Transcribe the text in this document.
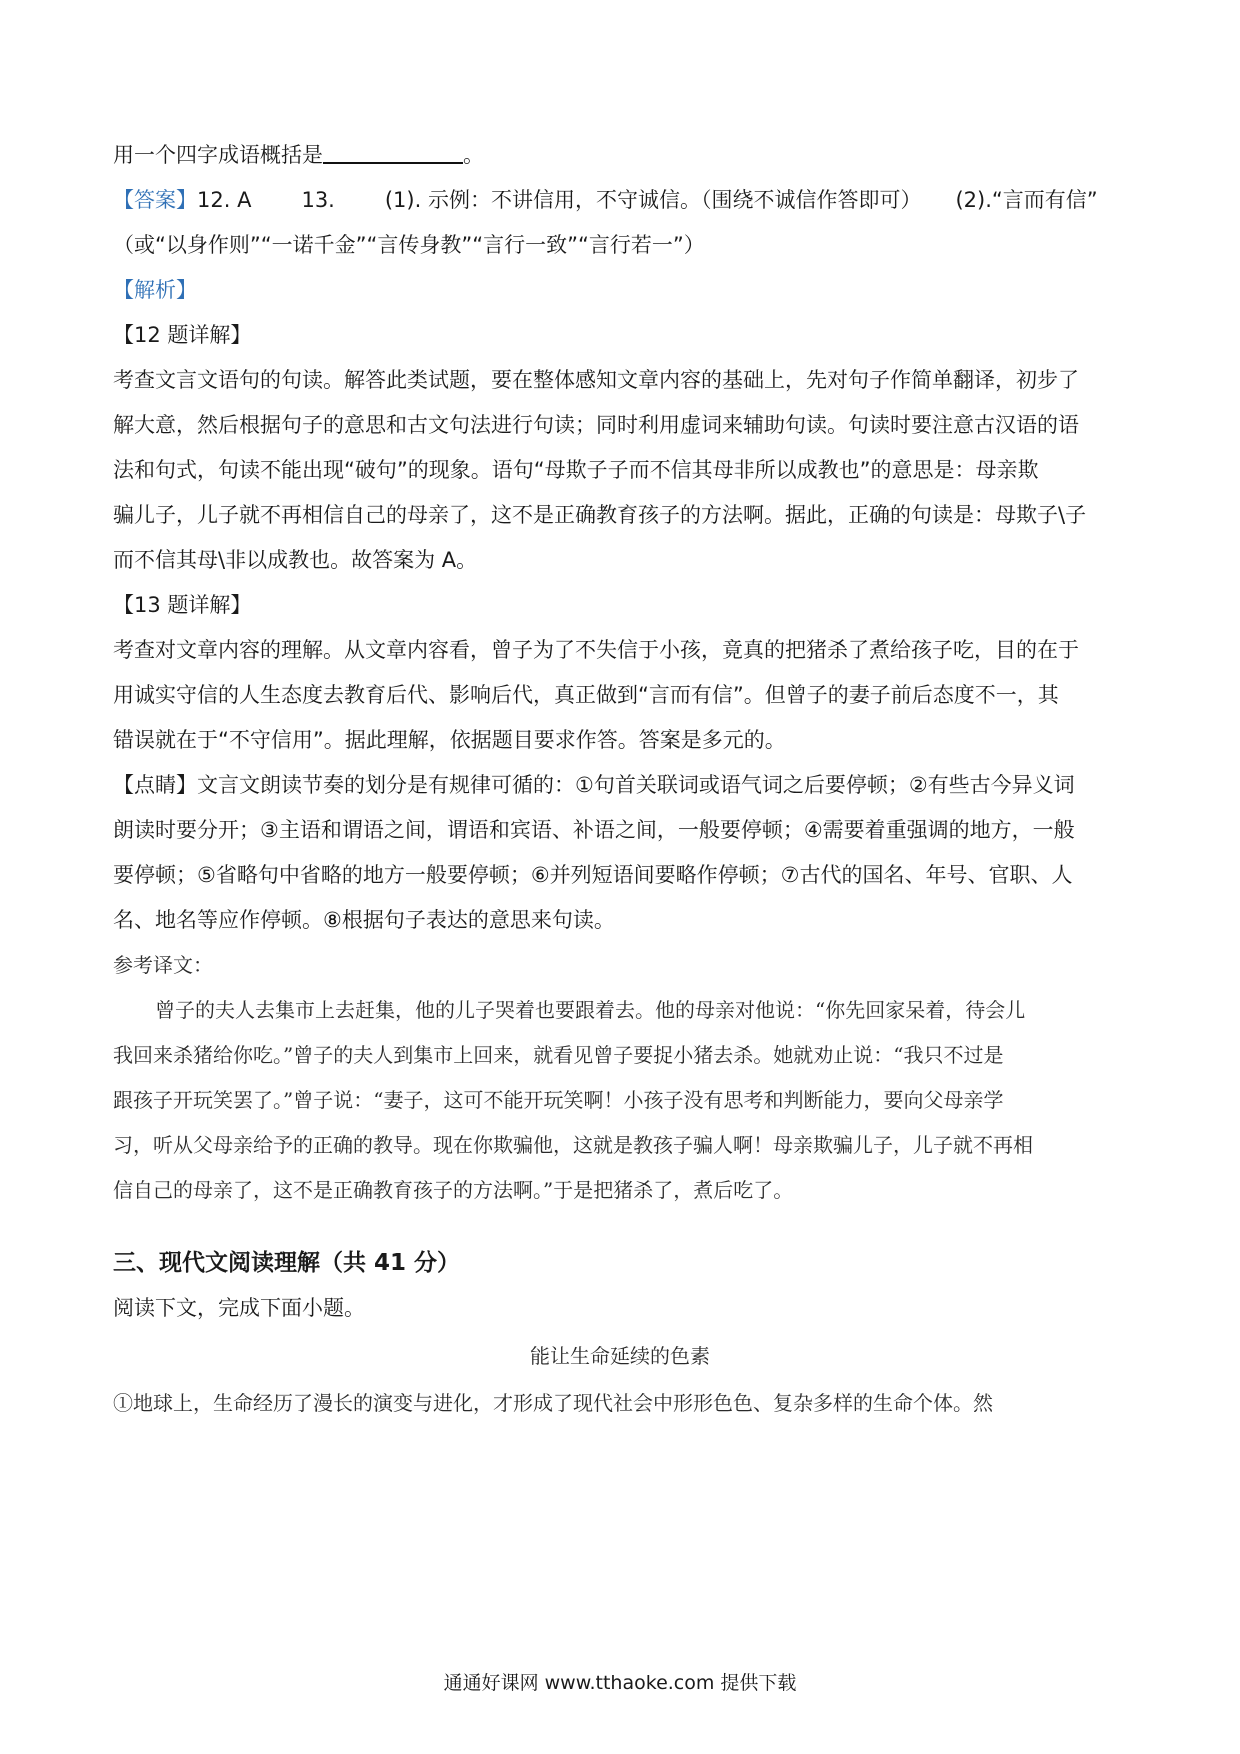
用一个四字成语概括是	。
【答案】12. A 13. (1). 示例：不讲信用，不守诚信。（围绕不诚信作答即可） (2).“言而有信”
（或“以身作则”“一诺千金”“言传身教”“言行一致”“言行若一”）
【解析】
【12 题详解】
考查文言文语句的句读。解答此类试题，要在整体感知文章内容的基础上，先对句子作简单翻译，初步了
解大意，然后根据句子的意思和古文句法进行句读；同时利用虚词来辅助句读。句读时要注意古汉语的语
法和句式，句读不能出现“破句”的现象。语句“母欺子子而不信其母非所以成教也”的意思是：母亲欺
骗儿子，儿子就不再相信自己的母亲了，这不是正确教育孩子的方法啊。据此，正确的句读是：母欺子\子
而不信其母\非以成教也。故答案为 A。
【13 题详解】
考查对文章内容的理解。从文章内容看，曾子为了不失信于小孩，竟真的把猪杀了煮给孩子吃，目的在于
用诚实守信的人生态度去教育后代、影响后代，真正做到“言而有信”。但曾子的妻子前后态度不一，其
错误就在于“不守信用”。据此理解，依据题目要求作答。答案是多元的。
【点睛】文言文朗读节奏的划分是有规律可循的：①句首关联词或语气词之后要停顿；②有些古今异义词
朗读时要分开；③主语和谓语之间，谓语和宾语、补语之间，一般要停顿；④需要着重强调的地方，一般
要停顿；⑤省略句中省略的地方一般要停顿；⑥并列短语间要略作停顿；⑦古代的国名、年号、官职、人
名、地名等应作停顿。⑧根据句子表达的意思来句读。
参考译文：
曾子的夫人去集市上去赶集，他的儿子哭着也要跟着去。他的母亲对他说：“你先回家呆着，待会儿
我回来杀猪给你吃。”曾子的夫人到集市上回来，就看见曾子要捉小猪去杀。她就劝止说：“我只不过是
跟孩子开玩笑罢了。”曾子说：“妻子，这可不能开玩笑啊！小孩子没有思考和判断能力，要向父母亲学
习，听从父母亲给予的正确的教导。现在你欺骗他，这就是教孩子骗人啊！母亲欺骗儿子，儿子就不再相
信自己的母亲了，这不是正确教育孩子的方法啊。”于是把猪杀了，煮后吃了。
三、现代文阅读理解（共 41 分）
阅读下文，完成下面小题。
能让生命延续的色素
①地球上，生命经历了漫长的演变与进化，才形成了现代社会中形形色色、复杂多样的生命个体。然
通通好课网 www.tthaoke.com 提供下载
